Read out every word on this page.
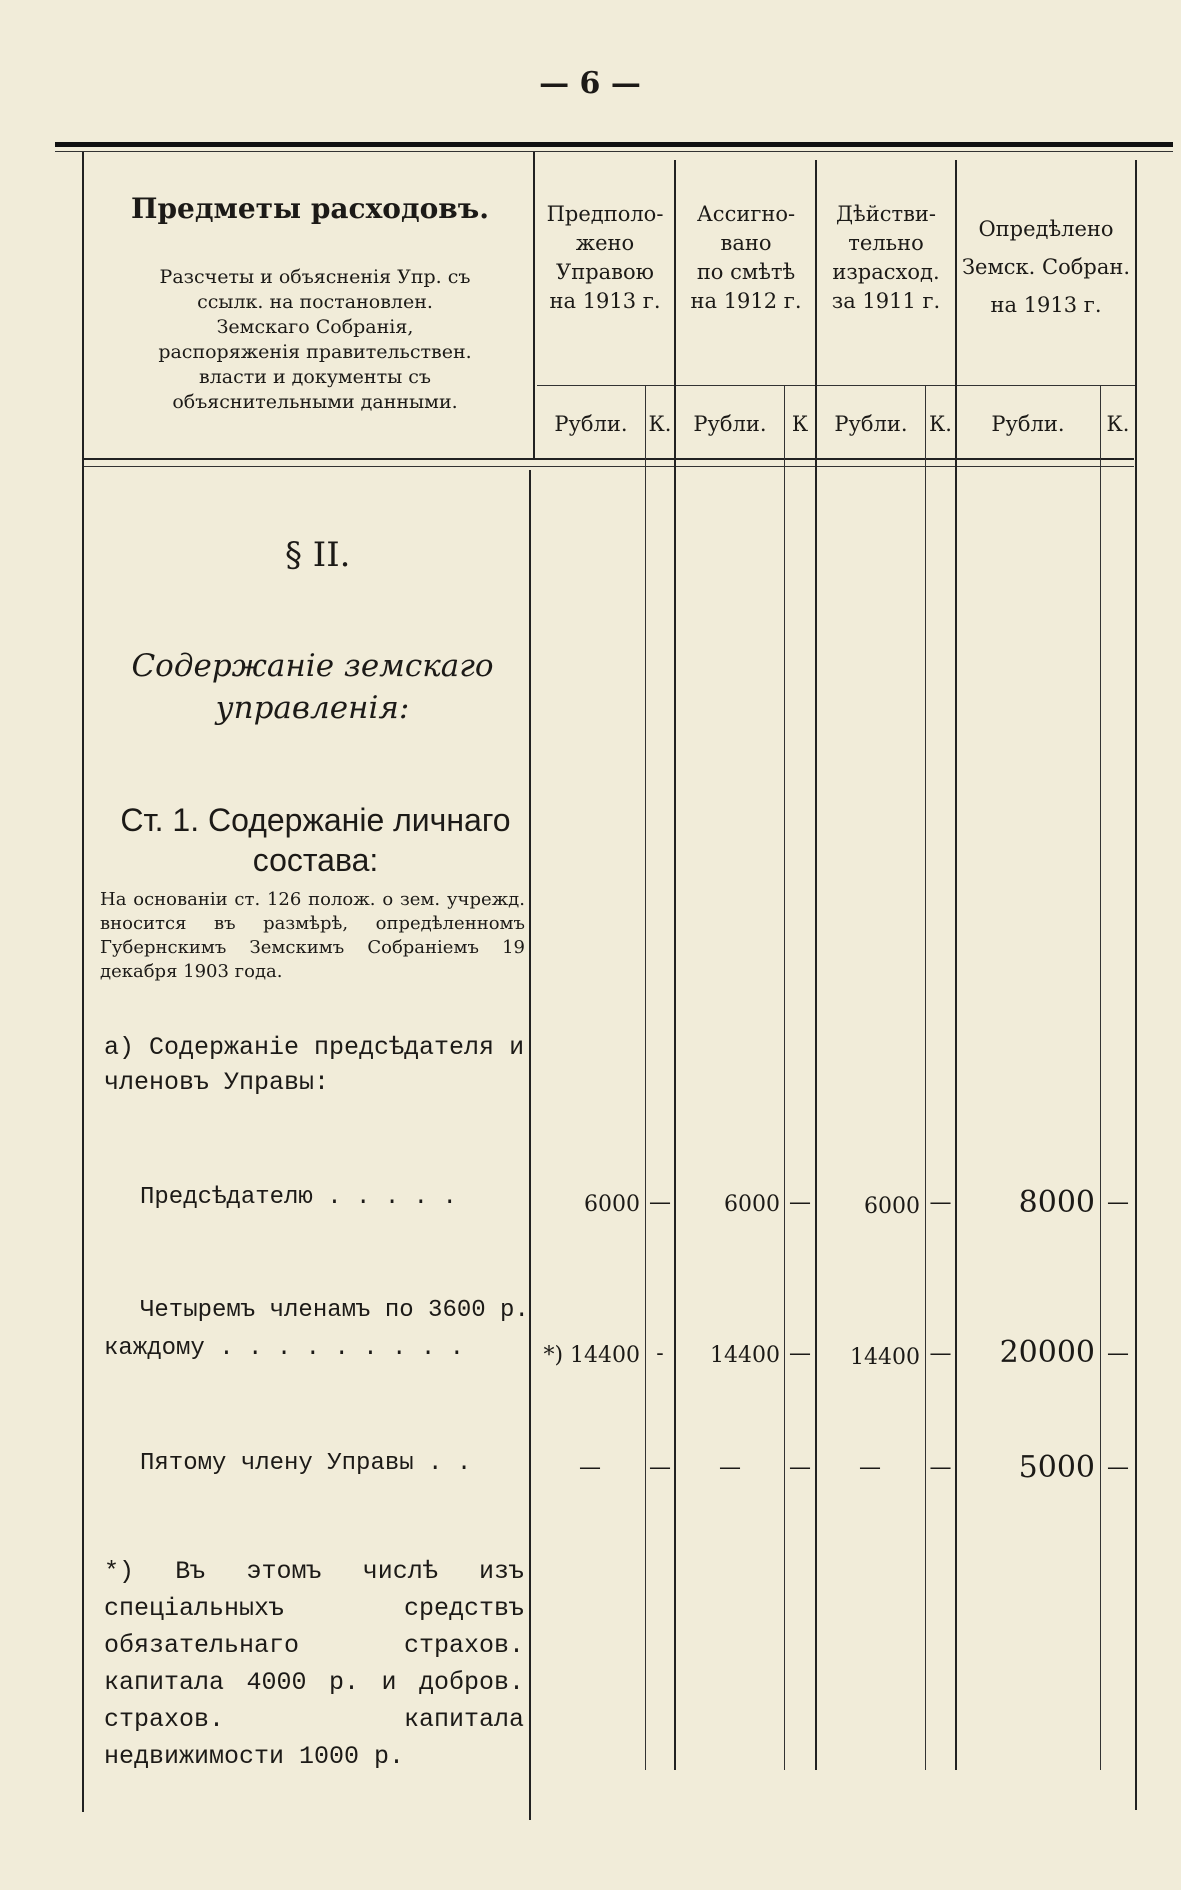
— 6 —
Предметы расходовъ.
Разсчеты и объясненія Упр. съ ссылк. на постановлен. Земскаго Собранія, распоряженія правительствен. власти и документы съ объяснительными данными.
Предполо-
жено
Управою
на 1913 г.
Рубли. К.
Ассигно-
вано
по смѣтѣ
на 1912 г.
Рубли.	К
Дѣйстви-
тельно
израсход.
за 1911 г.
Рубли.	К.
Опредѣлено
Земск. Собран.
на 1913 г.
Рубли.	К.
§ II.
Содержаніе земскаго управленія:
Ст. 1. Содержаніе личнаго состава:
На основаніи ст. 126 полож. о зем. учрежд. вносится въ размѣрѣ, опредѣленномъ Губернскимъ Земскимъ Собраніемъ 19 декабря 1903 года.
а) Содержаніе предсѣдателя и членовъ Управы:
Предсѣдателю . . . . .	6000 —	6000 —	6000 —	8000 —
Четыремъ членамъ по 3600 р.
каждому . . . . . . . . .	*) 14400 -	14400 —	14400 —	20000 —
Пятому члену Управы . .	—	—	—	—	—	—	5000 —
*) Въ этомъ числѣ изъ спеціальныхъ средствъ обязательнаго страхов. капитала 4000 р. и добров. страхов. капитала недвижимости 1000 р.
